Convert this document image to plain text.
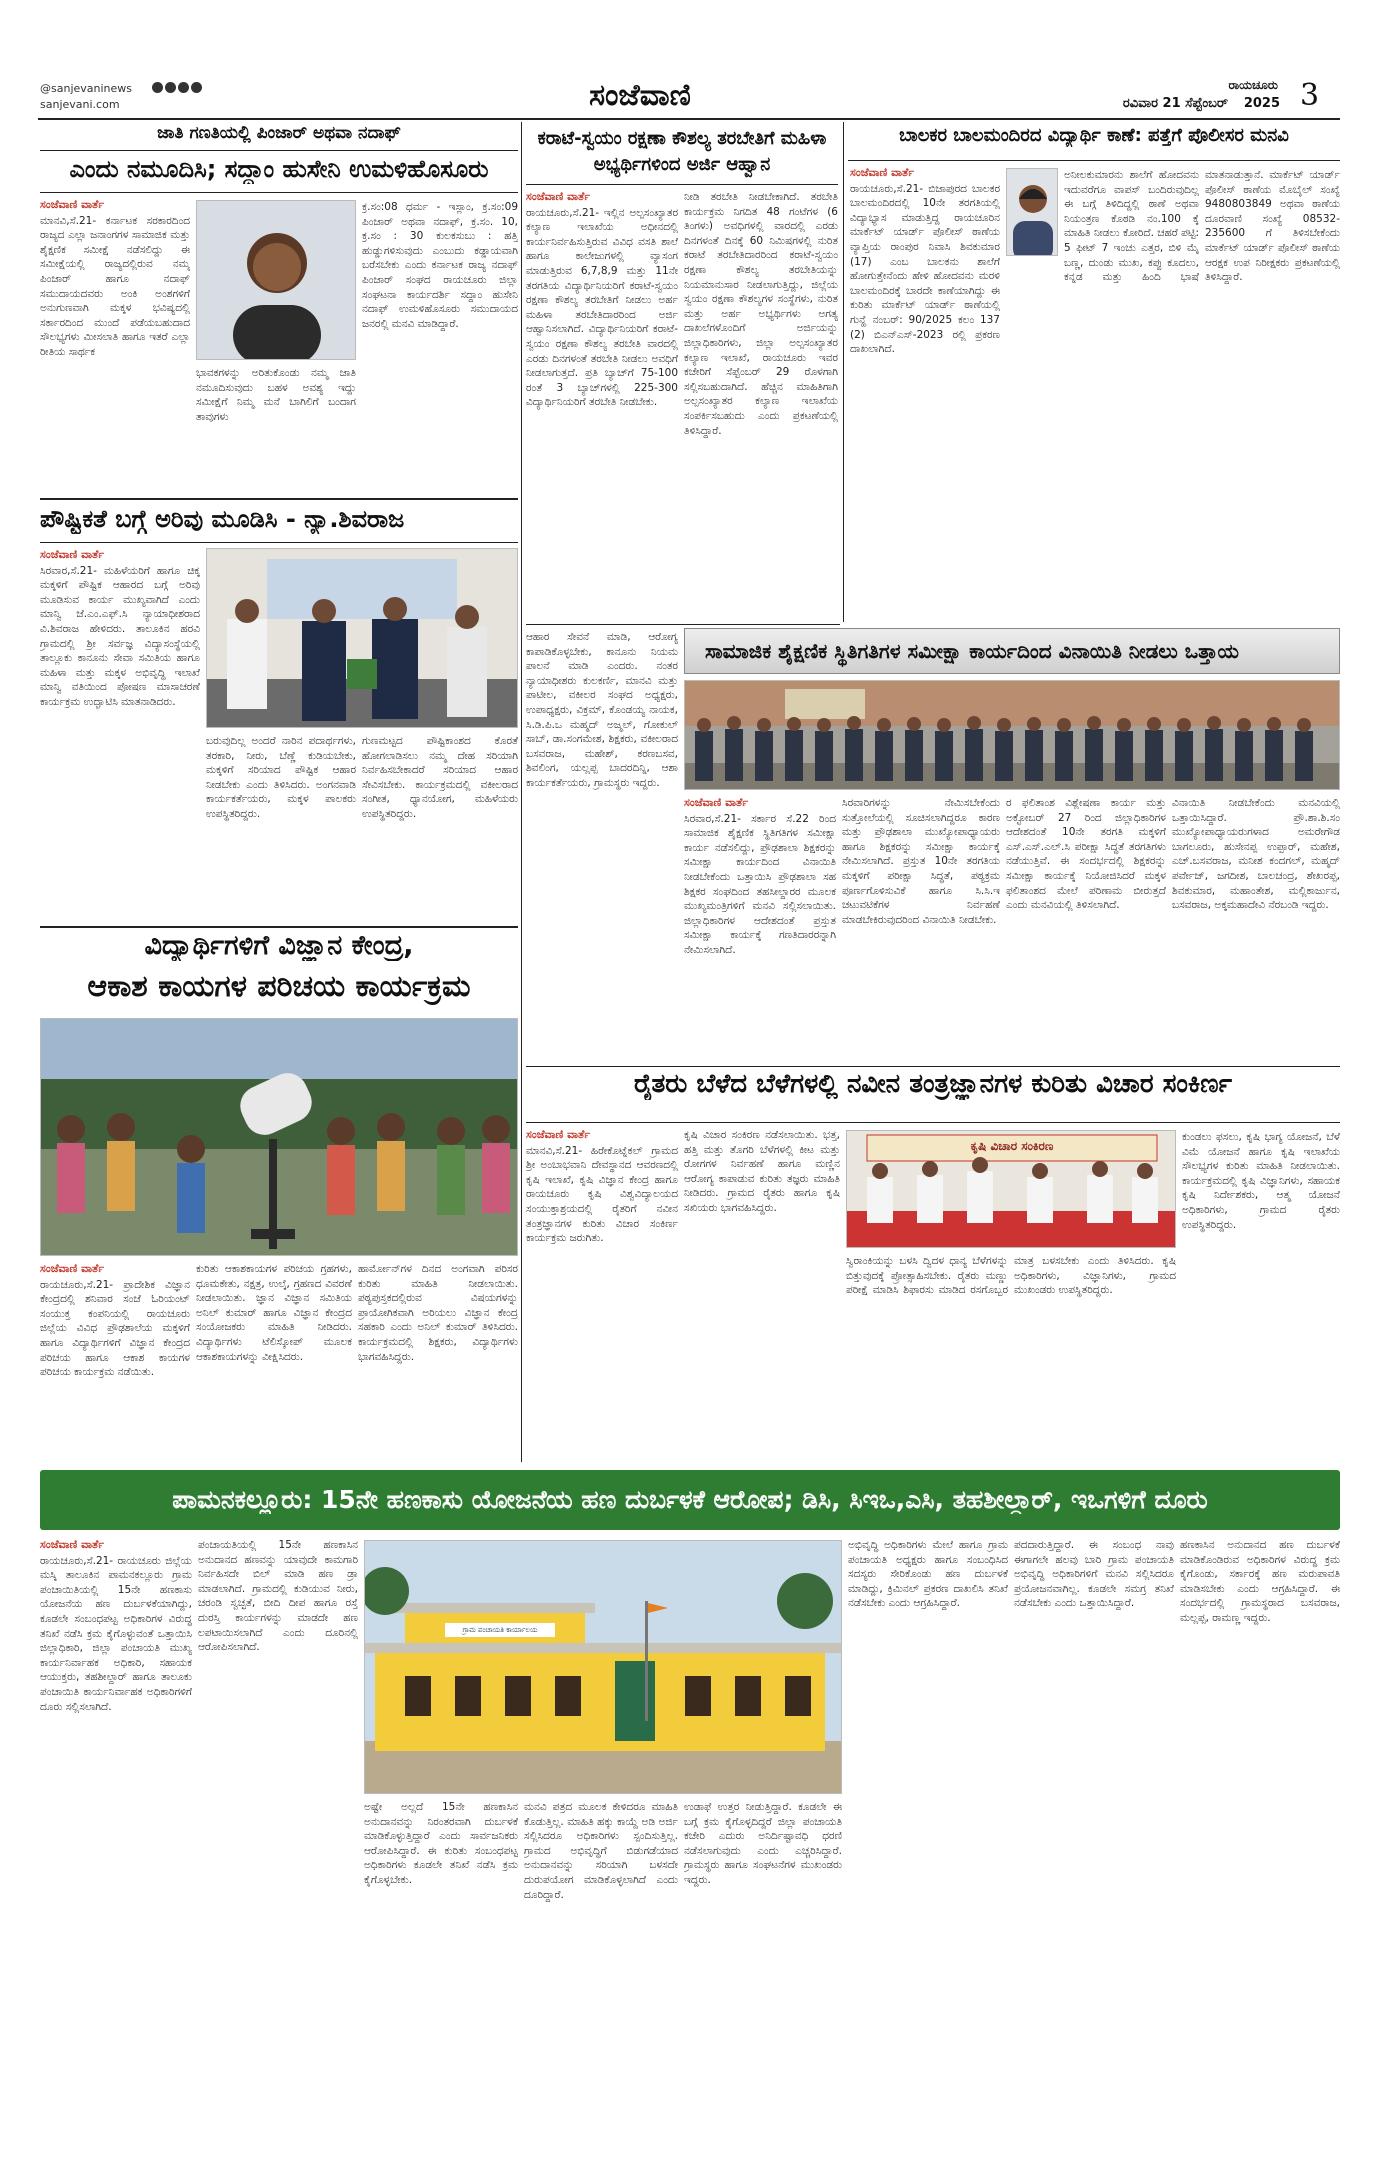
@sanjevaninews
sanjevani.com	ಸಂಜೆವಾಣಿ	ರಾಯಚೂರು
ರವಿವಾರ 21 ಸೆಪ್ಟೆಂಬರ್	2025 3
ಜಾತಿ ಗಣತಿಯಲ್ಲಿ ಪಿಂಜಾರ್ ಅಥವಾ ನದಾಫ್
ಎಂದು ನಮೂದಿಸಿ; ಸದ್ದಾಂ ಹುಸೇನಿ ಉಮಳಿಹೊಸೂರು
ಸಂಜೆವಾಣಿ ವಾರ್ತೆ
ಮಾನವಿ,ಸೆ.21- ಕರ್ನಾಟಕ ಸರಕಾರದಿಂದ ರಾಜ್ಯದ ಎಲ್ಲಾ ಜನಾಂಗಗಳ ಸಾಮಾಜಿಕ ಮತ್ತು ಶೈಕ್ಷಣಿಕ ಸಮೀಕ್ಷೆ ನಡೆಸಲಿದ್ದು ಈ ಸಮೀಕ್ಷೆಯಲ್ಲಿ ರಾಜ್ಯದಲ್ಲಿರುವ ನಮ್ಮ ಪಿಂಜಾರ್ ಹಾಗೂ ನದಾಫ್ ಸಮುದಾಯದವರು ಅಂಕಿ ಅಂಶಗಳಿಗೆ ಅನುಗುಣವಾಗಿ ಮಕ್ಕಳ ಭವಿಷ್ಯದಲ್ಲಿ ಸರ್ಕಾರದಿಂದ ಮುಂದೆ ಪಡೆಯಬಹುದಾದ ಸೌಲಭ್ಯಗಳು ಮೀಸಲಾತಿ ಹಾಗೂ ಇತರೆ ಎಲ್ಲಾ ರೀತಿಯ ಸಾರ್ಥಕ
ಕ್ರ.ಸಂ:08 ಧರ್ಮ - ಇಸ್ಲಾಂ, ಕ್ರ.ಸಂ:09 ಪಿಂಜಾರ್ ಅಥವಾ ನದಾಫ್, ಕ್ರ.ಸಂ. 10, ಕ್ರ.ಸಂ : 30 ಕುಲಕಸುಬು : ಹತ್ತಿ ಹುಡ್ಡುಗಳಿಸುವುದು ಎಂಬುದು ಕಡ್ಡಾಯವಾಗಿ ಬರೆಸಬೇಕು ಎಂದು ಕರ್ನಾಟಕ ರಾಜ್ಯ ನದಾಫ್ ಪಿಂಜಾರ್ ಸಂಘದ ರಾಯಚೂರು ಜಿಲ್ಲಾ ಸಂಘಟನಾ ಕಾರ್ಯದರ್ಶಿ ಸದ್ದಾಂ ಹುಸೇನಿ ನದಾಫ್ ಉಮಳಿಹೊಸೂರು ಸಮುದಾಯದ ಜನರಲ್ಲಿ ಮನವಿ ಮಾಡಿದ್ದಾರೆ.
ಭಾವಕಗಳನ್ನು ಅರಿತುಕೊಂಡು ನಮ್ಮ ಜಾತಿ ನಮೂದಿಸುವುದು ಬಹಳ ಅವಶ್ಯ ಇದ್ದು ಸಮೀಕ್ಷೆಗೆ ನಿಮ್ಮ ಮನೆ ಬಾಗಿಲಿಗೆ ಬಂದಾಗ ತಾವುಗಳು
ಪೌಷ್ಟಿಕತೆ ಬಗ್ಗೆ ಅರಿವು ಮೂಡಿಸಿ - ನ್ಯಾ.ಶಿವರಾಜ
ಸಂಜೆವಾಣಿ ವಾರ್ತೆ
ಸಿರವಾರ,ಸೆ.21- ಮಹಿಳೆಯರಿಗೆ ಹಾಗೂ ಚಿಕ್ಕ ಮಕ್ಕಳಿಗೆ ಪೌಷ್ಟಿಕ ಆಹಾರದ ಬಗ್ಗೆ ಅರಿವು ಮೂಡಿಸುವ ಕಾರ್ಯ ಮುಖ್ಯವಾಗಿದೆ ಎಂದು ಮಾನ್ವಿ ಜೆ.ಎಂ.ಎಫ್.ಸಿ ನ್ಯಾಯಾಧೀಶರಾದ ವಿ.ಶಿವರಾಜ ಹೇಳಿದರು. ತಾಲೂಕಿನ ಹರವಿ ಗ್ರಾಮದಲ್ಲಿ ಶ್ರೀ ಸರ್ವಜ್ಞ ವಿದ್ಯಾಸಂಸ್ಥೆಯಲ್ಲಿ ತಾಲ್ಲೂಕು ಕಾನೂನು ಸೇವಾ ಸಮಿತಿಯ ಹಾಗೂ ಮಹಿಳಾ ಮತ್ತು ಮಕ್ಕಳ ಅಭಿವೃದ್ಧಿ ಇಲಾಖೆ ಮಾನ್ವಿ ವತಿಯಿಂದ ಪೋಷಣ ಮಾಸಾಚರಣೆ ಕಾರ್ಯಕ್ರಮ ಉದ್ಘಾಟಿಸಿ ಮಾತನಾಡಿದರು.
ಬರುವುದಿಲ್ಲ ಅಂದರೆ ನಾರಿನ ಪದಾರ್ಥಗಳು, ತರಕಾರಿ, ನೀರು, ಬೆಣ್ಣೆ ಕುಡಿಯಬೇಕು, ಮಕ್ಕಳಿಗೆ ಸರಿಯಾದ ಪೌಷ್ಟಿಕ ಆಹಾರ ನೀಡಬೇಕು ಎಂದು ತಿಳಿಸಿದರು. ಅಂಗನವಾಡಿ ಕಾರ್ಯಕರ್ತೆಯರು, ಮಕ್ಕಳ ಪಾಲಕರು ಉಪಸ್ಥಿತರಿದ್ದರು.
ಗುಣಮಟ್ಟದ ಪೌಷ್ಟಿಕಾಂಶದ ಕೊರತೆ ಹೋಗಲಾಡಿಸಲು ನಮ್ಮ ದೇಹ ಸರಿಯಾಗಿ ನಿರ್ವಹಿಸಬೇಕಾದರೆ ಸರಿಯಾದ ಆಹಾರ ಸೇವಿಸಬೇಕು. ಕಾರ್ಯಕ್ರಮದಲ್ಲಿ ವಕೀಲರಾದ ಸಂಗೀತ, ಧ್ಯಾನಯೋಗ, ಮಹಿಳೆಯರು ಉಪಸ್ಥಿತರಿದ್ದರು.
ವಿದ್ಯಾರ್ಥಿಗಳಿಗೆ ವಿಜ್ಞಾನ ಕೇಂದ್ರ,
ಆಕಾಶ ಕಾಯಗಳ ಪರಿಚಯ ಕಾರ್ಯಕ್ರಮ
ಸಂಜೆವಾಣಿ ವಾರ್ತೆ
ರಾಯಚೂರು,ಸೆ.21- ಪ್ರಾದೇಶಿಕ ವಿಜ್ಞಾನ ಕೇಂದ್ರದಲ್ಲಿ ಶನಿವಾರ ಸಂಜೆ ಓರಿಯಂಟ್ ಸಂಯುಕ್ತ ಕಂಪನಿಯಲ್ಲಿ ರಾಯಚೂರು ಜಿಲ್ಲೆಯ ವಿವಿಧ ಪ್ರೌಢಶಾಲೆಯ ಮಕ್ಕಳಿಗೆ ಹಾಗೂ ವಿದ್ಯಾರ್ಥಿಗಳಿಗೆ ವಿಜ್ಞಾನ ಕೇಂದ್ರದ ಪರಿಚಯ ಹಾಗೂ ಆಕಾಶ ಕಾಯಗಳ ಪರಿಚಯ ಕಾರ್ಯಕ್ರಮ ನಡೆಯಿತು.
ಕುರಿತು ಆಕಾಶಕಾಯಗಳ ಪರಿಚಯ ಗ್ರಹಗಳು, ಧೂಮಕೇತು, ನಕ್ಷತ್ರ, ಉಲ್ಕೆ, ಗ್ರಹಣದ ವಿವರಣೆ ನೀಡಲಾಯಿತು. ಜ್ಞಾನ ವಿಜ್ಞಾನ ಸಮಿತಿಯ ಅನಿಲ್ ಕುಮಾರ್ ಹಾಗೂ ವಿಜ್ಞಾನ ಕೇಂದ್ರದ ಸಂಯೋಜಕರು ಮಾಹಿತಿ ನೀಡಿದರು. ವಿದ್ಯಾರ್ಥಿಗಳು ಟೆಲಿಸ್ಕೋಪ್ ಮೂಲಕ ಆಕಾಶಕಾಯಗಳನ್ನು ವೀಕ್ಷಿಸಿದರು.
ಹಾರ್ಮೋನ್‌ಗಳ ದಿನದ ಅಂಗವಾಗಿ ಪರಿಸರ ಕುರಿತು ಮಾಹಿತಿ ನೀಡಲಾಯಿತು. ಪಠ್ಯಪುಸ್ತಕದಲ್ಲಿರುವ ವಿಷಯಗಳನ್ನು ಪ್ರಾಯೋಗಿಕವಾಗಿ ಅರಿಯಲು ವಿಜ್ಞಾನ ಕೇಂದ್ರ ಸಹಕಾರಿ ಎಂದು ಅನಿಲ್ ಕುಮಾರ್ ತಿಳಿಸಿದರು. ಕಾರ್ಯಕ್ರಮದಲ್ಲಿ ಶಿಕ್ಷಕರು, ವಿದ್ಯಾರ್ಥಿಗಳು ಭಾಗವಹಿಸಿದ್ದರು.
ಕರಾಟೆ-ಸ್ವಯಂ ರಕ್ಷಣಾ ಕೌಶಲ್ಯ ತರಬೇತಿಗೆ ಮಹಿಳಾ ಅಭ್ಯರ್ಥಿಗಳಿಂದ ಅರ್ಜಿ ಆಹ್ವಾನ
ಸಂಜೆವಾಣಿ ವಾರ್ತೆ
ರಾಯಚೂರು,ಸೆ.21- ಇಲ್ಲಿನ ಅಲ್ಪಸಂಖ್ಯಾತರ ಕಲ್ಯಾಣ ಇಲಾಖೆಯ ಅಧೀನದಲ್ಲಿ ಕಾರ್ಯನಿರ್ವಹಿಸುತ್ತಿರುವ ವಿವಿಧ ವಸತಿ ಶಾಲೆ ಹಾಗೂ ಕಾಲೇಜುಗಳಲ್ಲಿ ವ್ಯಾಸಂಗ ಮಾಡುತ್ತಿರುವ 6,7,8,9 ಮತ್ತು 11ನೇ ತರಗತಿಯ ವಿದ್ಯಾರ್ಥಿನಿಯರಿಗೆ ಕರಾಟೆ-ಸ್ವಯಂ ರಕ್ಷಣಾ ಕೌಶಲ್ಯ ತರಬೇತಿಗೆ ನೀಡಲು ಅರ್ಹ ಮಹಿಳಾ ತರಬೇತಿದಾರರಿಂದ ಅರ್ಜಿ ಆಹ್ವಾನಿಸಲಾಗಿದೆ. ವಿದ್ಯಾರ್ಥಿನಿಯರಿಗೆ ಕರಾಟೆ-ಸ್ವಯಂ ರಕ್ಷಣಾ ಕೌಶಲ್ಯ ತರಬೇತಿ ವಾರದಲ್ಲಿ ಎರಡು ದಿನಗಳಂತೆ ತರಬೇತಿ ನೀಡಲು ಅವಧಿಗೆ ನೀಡಲಾಗುತ್ತದೆ. ಪ್ರತಿ ಬ್ಯಾಚ್‌ಗೆ 75-100 ರಂತೆ 3 ಬ್ಯಾಚ್‌ಗಳಲ್ಲಿ 225-300 ವಿದ್ಯಾರ್ಥಿನಿಯರಿಗೆ ತರಬೇತಿ ನೀಡಬೇಕು.
ನೀಡಿ ತರಬೇತಿ ನೀಡಬೇಕಾಗಿದೆ. ತರಬೇತಿ ಕಾರ್ಯಕ್ರಮ ನಿಗದಿತ 48 ಗಂಟೆಗಳ (6 ತಿಂಗಳು) ಅವಧಿಗಳಲ್ಲಿ ವಾರದಲ್ಲಿ ಎರಡು ದಿನಗಳಂತೆ ದಿನಕ್ಕೆ 60 ನಿಮಿಷಗಳಲ್ಲಿ ನುರಿತ ಕರಾಟೆ ತರಬೇತಿದಾರರಿಂದ ಕರಾಟೆ-ಸ್ವಯಂ ರಕ್ಷಣಾ ಕೌಶಲ್ಯ ತರಬೇತಿಯನ್ನು ನಿಯಮಾನುಸಾರ ನೀಡಲಾಗುತ್ತಿದ್ದು, ಜಿಲ್ಲೆಯ ಸ್ವಯಂ ರಕ್ಷಣಾ ಕೌಶಲ್ಯಗಳ ಸಂಸ್ಥೆಗಳು, ನುರಿತ ಮತ್ತು ಅರ್ಹ ಅಭ್ಯರ್ಥಿಗಳು ಅಗತ್ಯ ದಾಖಲೆಗಳೊಂದಿಗೆ ಅರ್ಜಿಯನ್ನು ಜಿಲ್ಲಾಧಿಕಾರಿಗಳು, ಜಿಲ್ಲಾ ಅಲ್ಪಸಂಖ್ಯಾತರ ಕಲ್ಯಾಣ ಇಲಾಖೆ, ರಾಯಚೂರು ಇವರ ಕಚೇರಿಗೆ ಸೆಪ್ಟೆಂಬರ್ 29 ರೊಳಗಾಗಿ ಸಲ್ಲಿಸಬಹುದಾಗಿದೆ. ಹೆಚ್ಚಿನ ಮಾಹಿತಿಗಾಗಿ ಅಲ್ಪಸಂಖ್ಯಾತರ ಕಲ್ಯಾಣ ಇಲಾಖೆಯ ಸಂಪರ್ಕಿಸಬಹುದು ಎಂದು ಪ್ರಕಟಣೆಯಲ್ಲಿ ತಿಳಿಸಿದ್ದಾರೆ.
ಬಾಲಕರ ಬಾಲಮಂದಿರದ ವಿದ್ಯಾರ್ಥಿ ಕಾಣೆ: ಪತ್ತೆಗೆ ಪೊಲೀಸರ ಮನವಿ
ಸಂಜೆವಾಣಿ ವಾರ್ತೆ
ರಾಯಚೂರು,ಸೆ.21- ಬಿಜಾಪುರದ ಬಾಲಕರ ಬಾಲಮಂದಿರದಲ್ಲಿ 10ನೇ ತರಗತಿಯಲ್ಲಿ ವಿದ್ಯಾಭ್ಯಾಸ ಮಾಡುತ್ತಿದ್ದ ರಾಯಚೂರಿನ ಮಾರ್ಕೆಟ್ ಯಾರ್ಡ್ ಪೊಲೀಸ್ ಠಾಣೆಯ ವ್ಯಾಪ್ತಿಯ ರಾಂಪುರ ನಿವಾಸಿ ಶಿವಕುಮಾರ (17) ಎಂಬ ಬಾಲಕನು ಶಾಲೆಗೆ ಹೋಗುತ್ತೇನೆಂದು ಹೇಳಿ ಹೋದವನು ಮರಳಿ ಬಾಲಮಂದಿರಕ್ಕೆ ಬಾರದೇ ಕಾಣೆಯಾಗಿದ್ದು ಈ ಕುರಿತು ಮಾರ್ಕೆಟ್ ಯಾರ್ಡ್ ಠಾಣೆಯಲ್ಲಿ ಗುನ್ಹೆ ನಂಬರ್: 90/2025 ಕಲಂ 137 (2) ಬಿಎನ್‌ಎಸ್-2023 ರಲ್ಲಿ ಪ್ರಕರಣ ದಾಖಲಾಗಿದೆ.
ಅನೀಲಕುಮಾರನು ಶಾಲೆಗೆ ಹೋದವನು ಇದುವರೆಗೂ ವಾಪಸ್ ಬಂದಿರುವುದಿಲ್ಲ ಈ ಬಗ್ಗೆ ತಿಳಿದಿದ್ದಲ್ಲಿ ಠಾಣೆ ಅಥವಾ ನಿಯಂತ್ರಣ ಕೊಠಡಿ ನಂ.100 ಕ್ಕೆ ಮಾಹಿತಿ ನೀಡಲು ಕೋರಿದೆ. ಚಹರೆ ಪಟ್ಟಿ: 5 ಫೀಟ್ 7 ಇಂಚು ಎತ್ತರ, ಬಿಳಿ ಮೈ ಬಣ್ಣ, ದುಂಡು ಮುಖ, ಕಪ್ಪು ಕೂದಲು, ಕನ್ನಡ ಮತ್ತು ಹಿಂದಿ ಭಾಷೆ ಮಾತನಾಡುತ್ತಾನೆ. ಮಾರ್ಕೆಟ್ ಯಾರ್ಡ್ ಪೊಲೀಸ್ ಠಾಣೆಯ ಮೊಬೈಲ್ ಸಂಖ್ಯೆ 9480803849 ಅಥವಾ ಠಾಣೆಯ ದೂರವಾಣಿ ಸಂಖ್ಯೆ 08532-235600 ಗೆ ತಿಳಿಸಬೇಕೆಂದು ಮಾರ್ಕೆಟ್ ಯಾರ್ಡ್ ಪೊಲೀಸ್ ಠಾಣೆಯ ಆರಕ್ಷಕ ಉಪ ನಿರೀಕ್ಷಕರು ಪ್ರಕಟಣೆಯಲ್ಲಿ ತಿಳಿಸಿದ್ದಾರೆ.
ಆಹಾರ ಸೇವನೆ ಮಾಡಿ, ಆರೋಗ್ಯ ಕಾಪಾಡಿಕೊಳ್ಳಬೇಕು, ಕಾನೂನು ನಿಯಮ ಪಾಲನೆ ಮಾಡಿ ಎಂದರು. ನಂತರ ನ್ಯಾಯಾಧೀಶರು ಕುಲಕರ್ಣಿ, ಮಾನವಿ ಮತ್ತು ಪಾಟೀಲ, ವಕೀಲರ ಸಂಘದ ಅಧ್ಯಕ್ಷರು, ಉಪಾಧ್ಯಕ್ಷರು, ವಿಕ್ರಮ್, ಕೊಂಡಯ್ಯ ನಾಯಕ, ಸಿ.ಡಿ.ಪಿ.ಒ ಮಹ್ಮದ್ ಅಜ್ಮಲ್, ಗೋಕುಲ್ ಸಾಬ್, ಡಾ.ಸಂಗಮೇಶ, ಶಿಕ್ಷಕರು, ವಕೀಲರಾದ ಬಸವರಾಜ, ಮಹೇಶ್, ಕರಣಬಸವ, ಶಿವಲಿಂಗ, ಯಲ್ಲಪ್ಪ ಬಾದರದಿನ್ನಿ, ಆಶಾ ಕಾರ್ಯಕರ್ತೆಯರು, ಗ್ರಾಮಸ್ಥರು ಇದ್ದರು.
ಸಾಮಾಜಿಕ ಶೈಕ್ಷಣಿಕ ಸ್ಥಿತಿಗತಿಗಳ ಸಮೀಕ್ಷಾ ಕಾರ್ಯದಿಂದ ವಿನಾಯಿತಿ ನೀಡಲು ಒತ್ತಾಯ
ಸಂಜೆವಾಣಿ ವಾರ್ತೆ
ಸಿರವಾರ,ಸೆ.21- ಸರ್ಕಾರ ಸೆ.22 ರಿಂದ ಸಾಮಾಜಿಕ ಶೈಕ್ಷಣಿಕ ಸ್ಥಿತಿಗತಿಗಳ ಸಮೀಕ್ಷಾ ಕಾರ್ಯ ನಡೆಸಲಿದ್ದು, ಪ್ರೌಢಶಾಲಾ ಶಿಕ್ಷಕರನ್ನು ಸಮೀಕ್ಷಾ ಕಾರ್ಯದಿಂದ ವಿನಾಯಿತಿ ನೀಡಬೇಕೆಂದು ಒತ್ತಾಯಿಸಿ ಪ್ರೌಢಶಾಲಾ ಸಹ ಶಿಕ್ಷಕರ ಸಂಘದಿಂದ ತಹಸೀಲ್ದಾರರ ಮೂಲಕ ಮುಖ್ಯಮಂತ್ರಿಗಳಿಗೆ ಮನವಿ ಸಲ್ಲಿಸಲಾಯಿತು. ಜಿಲ್ಲಾಧಿಕಾರಿಗಳ ಆದೇಶದಂತೆ ಪ್ರಸ್ತುತ ಸಮೀಕ್ಷಾ ಕಾರ್ಯಕ್ಕೆ ಗಣತಿದಾರರನ್ನಾಗಿ ನೇಮಿಸಲಾಗಿದೆ.
ಸಿರವಾರಿಗಳನ್ನು ನೇಮಿಸಬೇಕೆಂದು ಸುತ್ತೋಲೆಯಲ್ಲಿ ಸೂಚಿಸಲಾಗಿದ್ದರೂ ಕಾರಣ ಮತ್ತು ಪ್ರೌಢಶಾಲಾ ಮುಖ್ಯೋಪಾಧ್ಯಾಯರು ಹಾಗೂ ಶಿಕ್ಷಕರನ್ನು ಸಮೀಕ್ಷಾ ಕಾರ್ಯಕ್ಕೆ ನೇಮಿಸಲಾಗಿದೆ. ಪ್ರಸ್ತುತ 10ನೇ ತರಗತಿಯ ಮಕ್ಕಳಿಗೆ ಪರೀಕ್ಷಾ ಸಿದ್ಧತೆ, ಪಠ್ಯಕ್ರಮ ಪೂರ್ಣಗೊಳಿಸುವಿಕೆ ಹಾಗೂ ಸಿ.ಸಿ.ಇ ಚಟುವಟಿಕೆಗಳ ನಿರ್ವಹಣೆ ಮಾಡಬೇಕಿರುವುದರಿಂದ ವಿನಾಯಿತಿ ನೀಡಬೇಕು.
ರ ಫಲಿತಾಂಶ ವಿಶ್ಲೇಷಣಾ ಕಾರ್ಯ ಮತ್ತು ಅಕ್ಟೋಬರ್ 27 ರಿಂದ ಜಿಲ್ಲಾಧಿಕಾರಿಗಳ ಆದೇಶದಂತೆ 10ನೇ ತರಗತಿ ಮಕ್ಕಳಿಗೆ ಎಸ್.ಎಸ್.ಎಲ್.ಸಿ ಪರೀಕ್ಷಾ ಸಿದ್ಧತೆ ತರಗತಿಗಳು ನಡೆಯುತ್ತಿವೆ. ಈ ಸಂದರ್ಭದಲ್ಲಿ ಶಿಕ್ಷಕರನ್ನು ಸಮೀಕ್ಷಾ ಕಾರ್ಯಕ್ಕೆ ನಿಯೋಜಿಸಿದರೆ ಮಕ್ಕಳ ಫಲಿತಾಂಶದ ಮೇಲೆ ಪರಿಣಾಮ ಬೀರುತ್ತದೆ ಎಂದು ಮನವಿಯಲ್ಲಿ ತಿಳಿಸಲಾಗಿದೆ.
ವಿನಾಯಿತಿ ನೀಡಬೇಕೆಂದು ಮನವಿಯಲ್ಲಿ ಒತ್ತಾಯಿಸಿದ್ದಾರೆ. ಪ್ರೌ.ಶಾ.ಶಿ.ಸಂ ಮುಖ್ಯೋಪಾಧ್ಯಾಯರುಗಳಾದ ಅಮರೇಗೌಡ ಬಾಗಲೂರು, ಹುಸೇನಪ್ಪ ಉಪ್ಪಾರ್, ಮಹೇಶ, ಎಚ್.ಬಸವರಾಜ, ಮನೀಶ ಕಂದಗಲ್, ಮಹ್ಮದ್ ಪರ್ವೇಜ್, ಜಗದೀಶ, ಬಾಲಚಂದ್ರ, ಶೇಖರಪ್ಪ, ಶಿವಕುಮಾರ, ಮಹಾಂತೇಶ, ಮಲ್ಲಿಕಾರ್ಜುನ, ಬಸವರಾಜ, ಅಕ್ಕಮಹಾದೇವಿ ನೆರಬಂಡಿ ಇದ್ದರು.
ರೈತರು ಬೆಳೆದ ಬೆಳೆಗಳಲ್ಲಿ ನವೀನ ತಂತ್ರಜ್ಞಾನಗಳ ಕುರಿತು ವಿಚಾರ ಸಂಕಿರ್ಣ
ಸಂಜೆವಾಣಿ ವಾರ್ತೆ
ಮಾನವಿ,ಸೆ.21- ಹಿರೇಕೊಟ್ನೆಕಲ್ ಗ್ರಾಮದ ಶ್ರೀ ಅಂಬಾಭವಾನಿ ದೇವಸ್ಥಾನದ ಆವರಣದಲ್ಲಿ ಕೃಷಿ ಇಲಾಖೆ, ಕೃಷಿ ವಿಜ್ಞಾನ ಕೇಂದ್ರ ಹಾಗೂ ರಾಯಚೂರು ಕೃಷಿ ವಿಶ್ವವಿದ್ಯಾಲಯದ ಸಂಯುಕ್ತಾಶ್ರಯದಲ್ಲಿ ರೈತರಿಗೆ ನವೀನ ತಂತ್ರಜ್ಞಾನಗಳ ಕುರಿತು ವಿಚಾರ ಸಂಕಿರ್ಣ ಕಾರ್ಯಕ್ರಮ ಜರುಗಿತು.
ಕೃಷಿ ವಿಚಾರ ಸಂಕಿರಣ ನಡೆಸಲಾಯಿತು. ಭತ್ತ, ಹತ್ತಿ ಮತ್ತು ತೊಗರಿ ಬೆಳೆಗಳಲ್ಲಿ ಕೀಟ ಮತ್ತು ರೋಗಗಳ ನಿರ್ವಹಣೆ ಹಾಗೂ ಮಣ್ಣಿನ ಆರೋಗ್ಯ ಕಾಪಾಡುವ ಕುರಿತು ತಜ್ಞರು ಮಾಹಿತಿ ನೀಡಿದರು. ಗ್ರಾಮದ ರೈತರು ಹಾಗೂ ಕೃಷಿ ಸಖಿಯರು ಭಾಗವಹಿಸಿದ್ದರು.
ಕೃಷಿ ವಿಚಾರ ಸಂಕಿರಣ
ಸ್ವಿರಾಂಕಿಯನ್ನು ಬಳಸಿ ದ್ವಿದಳ ಧಾನ್ಯ ಬೆಳೆಗಳನ್ನು ಬಿತ್ತುವುದಕ್ಕೆ ಪ್ರೋತ್ಸಾಹಿಸಬೇಕು. ರೈತರು ಮಣ್ಣು ಪರೀಕ್ಷೆ ಮಾಡಿಸಿ ಶಿಫಾರಸು ಮಾಡಿದ ರಸಗೊಬ್ಬರ ಮಾತ್ರ ಬಳಸಬೇಕು ಎಂದು ತಿಳಿಸಿದರು. ಕೃಷಿ ಅಧಿಕಾರಿಗಳು, ವಿಜ್ಞಾನಿಗಳು, ಗ್ರಾಮದ ಮುಖಂಡರು ಉಪಸ್ಥಿತರಿದ್ದರು.
ಕುಂಡಲು ಫಸಲು, ಕೃಷಿ ಭಾಗ್ಯ ಯೋಜನೆ, ಬೆಳೆ ವಿಮೆ ಯೋಜನೆ ಹಾಗೂ ಕೃಷಿ ಇಲಾಖೆಯ ಸೌಲಭ್ಯಗಳ ಕುರಿತು ಮಾಹಿತಿ ನೀಡಲಾಯಿತು. ಕಾರ್ಯಕ್ರಮದಲ್ಲಿ ಕೃಷಿ ವಿಜ್ಞಾನಿಗಳು, ಸಹಾಯಕ ಕೃಷಿ ನಿರ್ದೇಶಕರು, ಆತ್ಮ ಯೋಜನೆ ಅಧಿಕಾರಿಗಳು, ಗ್ರಾಮದ ರೈತರು ಉಪಸ್ಥಿತರಿದ್ದರು.
ಪಾಮನಕಲ್ಲೂರು: 15ನೇ ಹಣಕಾಸು ಯೋಜನೆಯ ಹಣ ದುರ್ಬಳಕೆ ಆರೋಪ; ಡಿಸಿ, ಸಿಇಒ,ಎಸಿ, ತಹಶೀಲ್ದಾರ್, ಇಒಗಳಿಗೆ ದೂರು
ಸಂಜೆವಾಣಿ ವಾರ್ತೆ
ರಾಯಚೂರು,ಸೆ.21- ರಾಯಚೂರು ಜಿಲ್ಲೆಯ ಮಸ್ಕಿ ತಾಲೂಕಿನ ಪಾಮನಕಲ್ಲೂರು ಗ್ರಾಮ ಪಂಚಾಯಿತಿಯಲ್ಲಿ 15ನೇ ಹಣಕಾಸು ಯೋಜನೆಯ ಹಣ ದುರ್ಬಳಕೆಯಾಗಿದ್ದು, ಕೂಡಲೇ ಸಂಬಂಧಪಟ್ಟ ಅಧಿಕಾರಿಗಳ ವಿರುದ್ಧ ತನಿಖೆ ನಡೆಸಿ ಕ್ರಮ ಕೈಗೊಳ್ಳುವಂತೆ ಒತ್ತಾಯಿಸಿ ಜಿಲ್ಲಾಧಿಕಾರಿ, ಜಿಲ್ಲಾ ಪಂಚಾಯತಿ ಮುಖ್ಯ ಕಾರ್ಯನಿರ್ವಾಹಕ ಅಧಿಕಾರಿ, ಸಹಾಯಕ ಆಯುಕ್ತರು, ತಹಶೀಲ್ದಾರ್ ಹಾಗೂ ತಾಲೂಕು ಪಂಚಾಯಿತಿ ಕಾರ್ಯನಿರ್ವಾಹಕ ಅಧಿಕಾರಿಗಳಿಗೆ ದೂರು ಸಲ್ಲಿಸಲಾಗಿದೆ.
ಪಂಚಾಯತಿಯಲ್ಲಿ 15ನೇ ಹಣಕಾಸಿನ ಅನುದಾನದ ಹಣವನ್ನು ಯಾವುದೇ ಕಾಮಗಾರಿ ನಿರ್ವಹಿಸದೇ ಬಿಲ್ ಮಾಡಿ ಹಣ ಡ್ರಾ ಮಾಡಲಾಗಿದೆ. ಗ್ರಾಮದಲ್ಲಿ ಕುಡಿಯುವ ನೀರು, ಚರಂಡಿ ಸ್ವಚ್ಛತೆ, ಬೀದಿ ದೀಪ ಹಾಗೂ ರಸ್ತೆ ದುರಸ್ತಿ ಕಾರ್ಯಗಳನ್ನು ಮಾಡದೇ ಹಣ ಲಪಟಾಯಿಸಲಾಗಿದೆ ಎಂದು ದೂರಿನಲ್ಲಿ ಆರೋಪಿಸಲಾಗಿದೆ.
ಗ್ರಾಮ ಪಂಚಾಯತಿ ಕಾರ್ಯಾಲಯ
ಅಷ್ಟೇ ಅಲ್ಲದೆ 15ನೇ ಹಣಕಾಸಿನ ಅನುದಾನವನ್ನು ನಿರಂತರವಾಗಿ ದುರ್ಬಳಕೆ ಮಾಡಿಕೊಳ್ಳುತ್ತಿದ್ದಾರೆ ಎಂದು ಸಾರ್ವಜನಿಕರು ಆರೋಪಿಸಿದ್ದಾರೆ. ಈ ಕುರಿತು ಸಂಬಂಧಪಟ್ಟ ಅಧಿಕಾರಿಗಳು ಕೂಡಲೇ ತನಿಖೆ ನಡೆಸಿ ಕ್ರಮ ಕೈಗೊಳ್ಳಬೇಕು.
ಮನವಿ ಪತ್ರದ ಮೂಲಕ ಕೇಳಿದರೂ ಮಾಹಿತಿ ಕೊಡುತ್ತಿಲ್ಲ. ಮಾಹಿತಿ ಹಕ್ಕು ಕಾಯ್ದೆ ಅಡಿ ಅರ್ಜಿ ಸಲ್ಲಿಸಿದರೂ ಅಧಿಕಾರಿಗಳು ಸ್ಪಂದಿಸುತ್ತಿಲ್ಲ. ಗ್ರಾಮದ ಅಭಿವೃದ್ಧಿಗೆ ಬಿಡುಗಡೆಯಾದ ಅನುದಾನವನ್ನು ಸರಿಯಾಗಿ ಬಳಸದೇ ದುರುಪಯೋಗ ಮಾಡಿಕೊಳ್ಳಲಾಗಿದೆ ಎಂದು ದೂರಿದ್ದಾರೆ.
ಉಡಾಫೆ ಉತ್ತರ ನೀಡುತ್ತಿದ್ದಾರೆ. ಕೂಡಲೇ ಈ ಬಗ್ಗೆ ಕ್ರಮ ಕೈಗೊಳ್ಳದಿದ್ದರೆ ಜಿಲ್ಲಾ ಪಂಚಾಯತಿ ಕಚೇರಿ ಎದುರು ಅನಿರ್ದಿಷ್ಟಾವಧಿ ಧರಣಿ ನಡೆಸಲಾಗುವುದು ಎಂದು ಎಚ್ಚರಿಸಿದ್ದಾರೆ. ಗ್ರಾಮಸ್ಥರು ಹಾಗೂ ಸಂಘಟನೆಗಳ ಮುಖಂಡರು ಇದ್ದರು.
ಅಭಿವೃದ್ಧಿ ಅಧಿಕಾರಿಗಳು ಮೇಲೆ ಹಾಗೂ ಗ್ರಾಮ ಪಂಚಾಯತಿ ಅಧ್ಯಕ್ಷರು ಹಾಗೂ ಸಂಬಂಧಿಸಿದ ಸದಸ್ಯರು ಸೇರಿಕೊಂಡು ಹಣ ದುರ್ಬಳಕೆ ಮಾಡಿದ್ದು, ಕ್ರಿಮಿನಲ್ ಪ್ರಕರಣ ದಾಖಲಿಸಿ ತನಿಖೆ ನಡೆಸಬೇಕು ಎಂದು ಆಗ್ರಹಿಸಿದ್ದಾರೆ.
ಪದದಾರುತ್ತಿದ್ದಾರೆ. ಈ ಸಂಬಂಧ ನಾವು ಈಗಾಗಲೇ ಹಲವು ಬಾರಿ ಗ್ರಾಮ ಪಂಚಾಯತಿ ಅಭಿವೃದ್ಧಿ ಅಧಿಕಾರಿಗಳಿಗೆ ಮನವಿ ಸಲ್ಲಿಸಿದರೂ ಪ್ರಯೋಜನವಾಗಿಲ್ಲ. ಕೂಡಲೇ ಸಮಗ್ರ ತನಿಖೆ ನಡೆಸಬೇಕು ಎಂದು ಒತ್ತಾಯಿಸಿದ್ದಾರೆ.
ಹಣಕಾಸಿನ ಅನುದಾನದ ಹಣ ದುರ್ಬಳಕೆ ಮಾಡಿಕೊಂಡಿರುವ ಅಧಿಕಾರಿಗಳ ವಿರುದ್ಧ ಕ್ರಮ ಕೈಗೊಂಡು, ಸರ್ಕಾರಕ್ಕೆ ಹಣ ಮರುಪಾವತಿ ಮಾಡಿಸಬೇಕು ಎಂದು ಆಗ್ರಹಿಸಿದ್ದಾರೆ. ಈ ಸಂದರ್ಭದಲ್ಲಿ ಗ್ರಾಮಸ್ಥರಾದ ಬಸವರಾಜ, ಮಲ್ಲಪ್ಪ, ರಾಮಣ್ಣ ಇದ್ದರು.
